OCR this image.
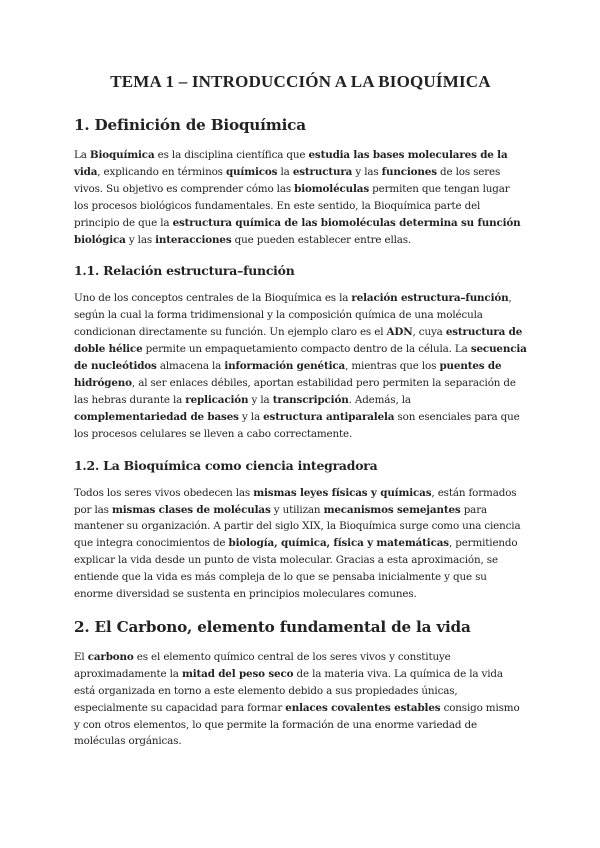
TEMA 1 – INTRODUCCIÓN A LA BIOQUÍMICA
1. Definición de Bioquímica

La Bioquímica es la disciplina científica que estudia las bases moleculares de la vida, explicando en términos químicos la estructura y las funciones de los seres vivos. Su objetivo es comprender cómo las biomoléculas permiten que tengan lugar los procesos biológicos fundamentales. En este sentido, la Bioquímica parte del principio de que la estructura química de las biomoléculas determina su función biológica y las interacciones que pueden establecer entre ellas.

1.1. Relación estructura–función

Uno de los conceptos centrales de la Bioquímica es la relación estructura–función, según la cual la forma tridimensional y la composición química de una molécula condicionan directamente su función. Un ejemplo claro es el ADN, cuya estructura de doble hélice permite un empaquetamiento compacto dentro de la célula. La secuencia de nucleótidos almacena la información genética, mientras que los puentes de hidrógeno, al ser enlaces débiles, aportan estabilidad pero permiten la separación de las hebras durante la replicación y la transcripción. Además, la complementariedad de bases y la estructura antiparalela son esenciales para que los procesos celulares se lleven a cabo correctamente.

1.2. La Bioquímica como ciencia integradora

Todos los seres vivos obedecen las mismas leyes físicas y químicas, están formados por las mismas clases de moléculas y utilizan mecanismos semejantes para mantener su organización. A partir del siglo XIX, la Bioquímica surge como una ciencia que integra conocimientos de biología, química, física y matemáticas, permitiendo explicar la vida desde un punto de vista molecular. Gracias a esta aproximación, se entiende que la vida es más compleja de lo que se pensaba inicialmente y que su enorme diversidad se sustenta en principios moleculares comunes.

2. El Carbono, elemento fundamental de la vida

El carbono es el elemento químico central de los seres vivos y constituye aproximadamente la mitad del peso seco de la materia viva. La química de la vida está organizada en torno a este elemento debido a sus propiedades únicas, especialmente su capacidad para formar enlaces covalentes estables consigo mismo y con otros elementos, lo que permite la formación de una enorme variedad de moléculas orgánicas.
